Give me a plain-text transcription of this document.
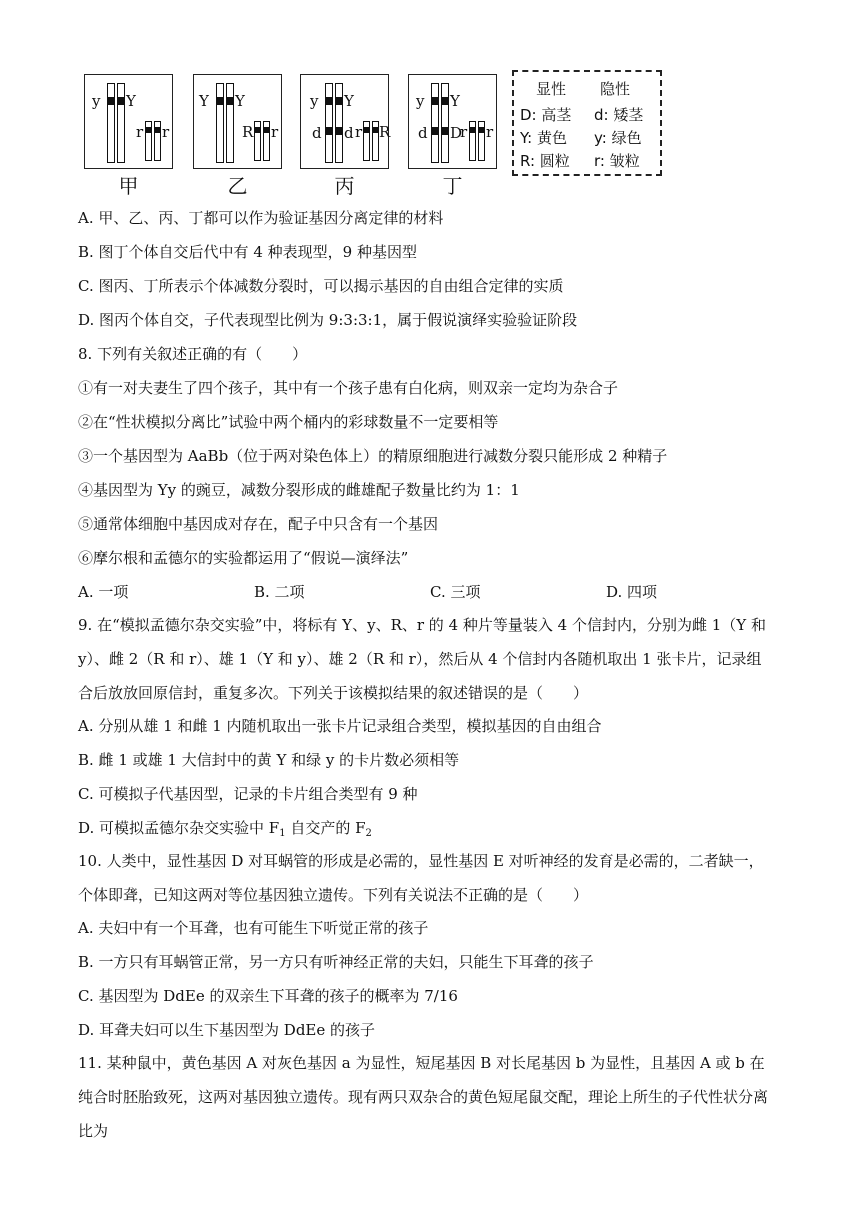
y Y
r r
甲
Y Y
R r
乙
y Y
d d r R
丙
y Y
d D
r r
丁
显性 隐性
D: 高茎 d: 矮茎
Y: 黄色 y: 绿色
R: 圆粒 r: 皱粒
A. 甲、乙、丙、丁都可以作为验证基因分离定律的材料
B. 图丁个体自交后代中有 4 种表现型，9 种基因型
C. 图丙、丁所表示个体减数分裂时，可以揭示基因的自由组合定律的实质
D. 图丙个体自交，子代表现型比例为 9:3:3:1，属于假说演绎实验验证阶段
8. 下列有关叙述正确的有（　　）
①有一对夫妻生了四个孩子，其中有一个孩子患有白化病，则双亲一定均为杂合子
②在“性状模拟分离比”试验中两个桶内的彩球数量不一定要相等
③一个基因型为 AaBb（位于两对染色体上）的精原细胞进行减数分裂只能形成 2 种精子
④基因型为 Yy 的豌豆，减数分裂形成的雌雄配子数量比约为 1：1
⑤通常体细胞中基因成对存在，配子中只含有一个基因
⑥摩尔根和孟德尔的实验都运用了“假说—演绎法”
A. 一项	B. 二项	C. 三项	D. 四项
9. 在“模拟孟德尔杂交实验”中，将标有 Y、y、R、r 的 4 种片等量装入 4 个信封内，分别为雌 1（Y 和 y）、雌 2（R 和 r）、雄 1（Y 和 y）、雄 2（R 和 r），然后从 4 个信封内各随机取出 1 张卡片，记录组合后放放回原信封，重复多次。下列关于该模拟结果的叙述错误的是（　　）
A. 分别从雄 1 和雌 1 内随机取出一张卡片记录组合类型，模拟基因的自由组合
B. 雌 1 或雄 1 大信封中的黄 Y 和绿 y 的卡片数必须相等
C. 可模拟子代基因型，记录的卡片组合类型有 9 种
D. 可模拟孟德尔杂交实验中 $F_1$ 自交产的 $F_2$
10. 人类中，显性基因 D 对耳蜗管的形成是必需的，显性基因 E 对听神经的发育是必需的，二者缺一，个体即聋，已知这两对等位基因独立遗传。下列有关说法不正确的是（　　）
A. 夫妇中有一个耳聋，也有可能生下听觉正常的孩子
B. 一方只有耳蜗管正常，另一方只有听神经正常的夫妇，只能生下耳聋的孩子
C. 基因型为 DdEe 的双亲生下耳聋的孩子的概率为 7/16
D. 耳聋夫妇可以生下基因型为 DdEe 的孩子
11. 某种鼠中，黄色基因 A 对灰色基因 a 为显性，短尾基因 B 对长尾基因 b 为显性，且基因 A 或 b 在纯合时胚胎致死，这两对基因独立遗传。现有两只双杂合的黄色短尾鼠交配，理论上所生的子代性状分离比为
